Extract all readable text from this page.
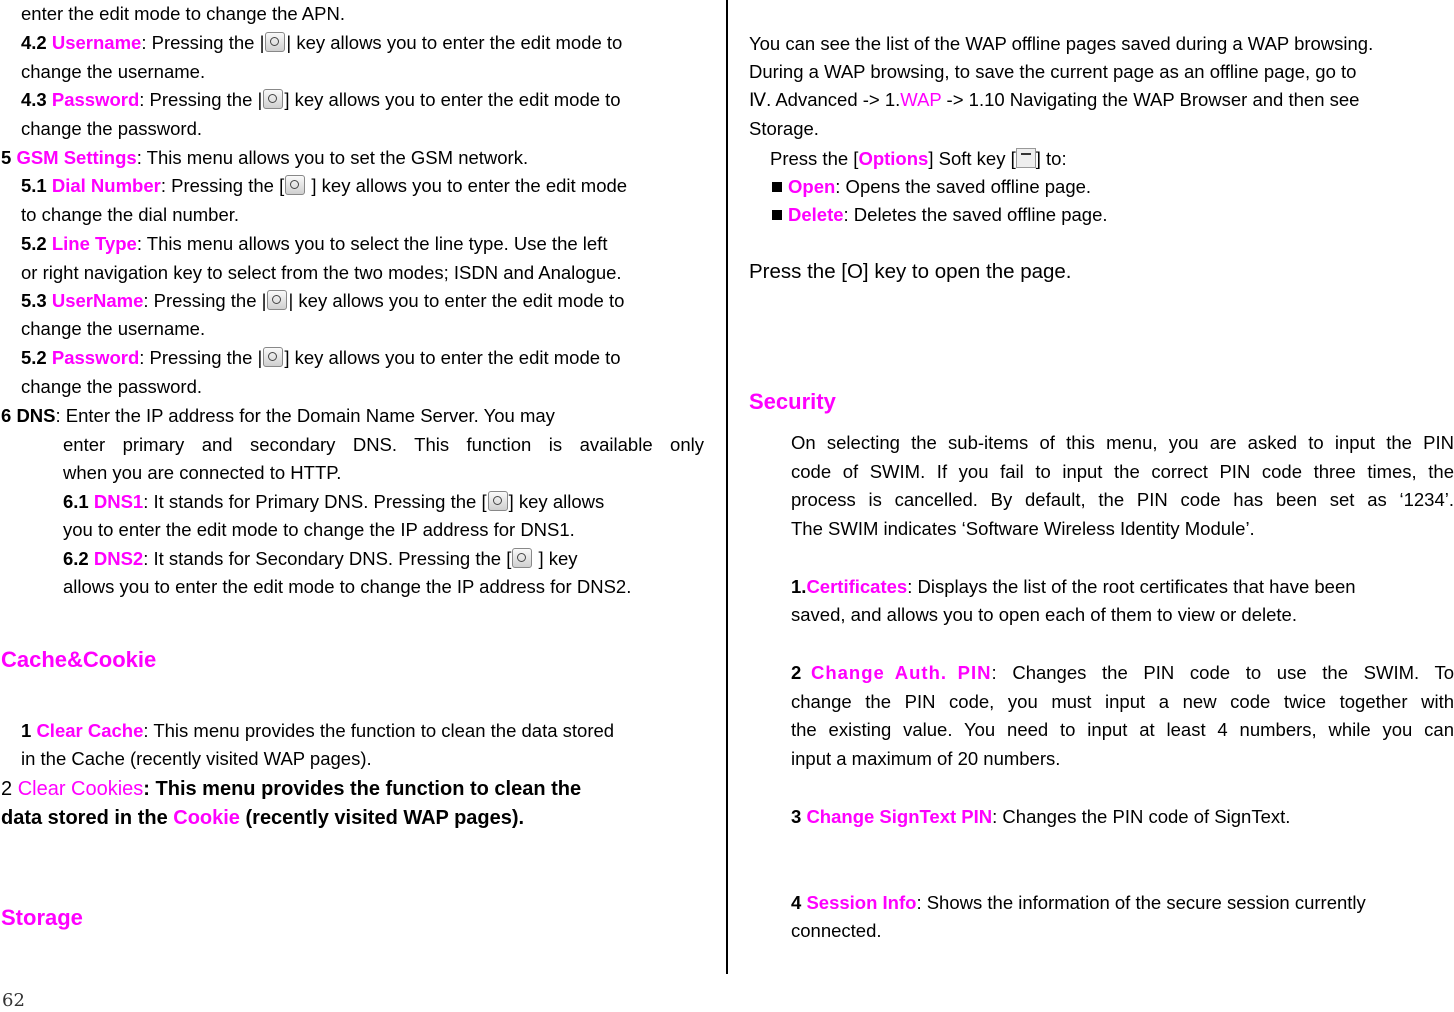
enter the edit mode to change the APN.
4.2 Username: Pressing the | | key allows you to enter the edit mode to
change the username.
4.3 Password: Pressing the | ] key allows you to enter the edit mode to
change the password.
5 GSM Settings: This menu allows you to set the GSM network.
5.1 Dial Number: Pressing the [ ] key allows you to enter the edit mode
to change the dial number.
5.2 Line Type: This menu allows you to select the line type. Use the left
or right navigation key to select from the two modes; ISDN and Analogue.
5.3 UserName: Pressing the | | key allows you to enter the edit mode to
change the username.
5.2 Password: Pressing the | ] key allows you to enter the edit mode to
change the password.
6 DNS: Enter the IP address for the Domain Name Server. You may
enter primary and secondary DNS. This function is available only
when you are connected to HTTP.
6.1 DNS1: It stands for Primary DNS. Pressing the [ ] key allows
you to enter the edit mode to change the IP address for DNS1.
6.2 DNS2: It stands for Secondary DNS. Pressing the [ ] key
allows you to enter the edit mode to change the IP address for DNS2.
Cache&Cookie
1 Clear Cache: This menu provides the function to clean the data stored
in the Cache (recently visited WAP pages).
2 Clear Cookies: This menu provides the function to clean the
data stored in the Cookie (recently visited WAP pages).
Storage
You can see the list of the WAP offline pages saved during a WAP browsing.
During a WAP browsing, to save the current page as an offline page, go to
Ⅳ. Advanced -> 1.WAP -> 1.10 Navigating the WAP Browser and then see
Storage.
Press the [Options] Soft key [ ] to:
Open: Opens the saved offline page.
Delete: Deletes the saved offline page.
Press the [O] key to open the page.
Security
On selecting the sub-items of this menu, you are asked to input the PIN
code of SWIM. If you fail to input the correct PIN code three times, the
process is cancelled. By default, the PIN code has been set as ‘1234’.
The SWIM indicates ‘Software Wireless Identity Module’.
1.Certificates: Displays the list of the root certificates that have been
saved, and allows you to open each of them to view or delete.
2 Change Auth. PIN: Changes the PIN code to use the SWIM. To
change the PIN code, you must input a new code twice together with
the existing value. You need to input at least 4 numbers, while you can
input a maximum of 20 numbers.
3 Change SignText PIN: Changes the PIN code of SignText.
4 Session Info: Shows the information of the secure session currently
connected.
62
